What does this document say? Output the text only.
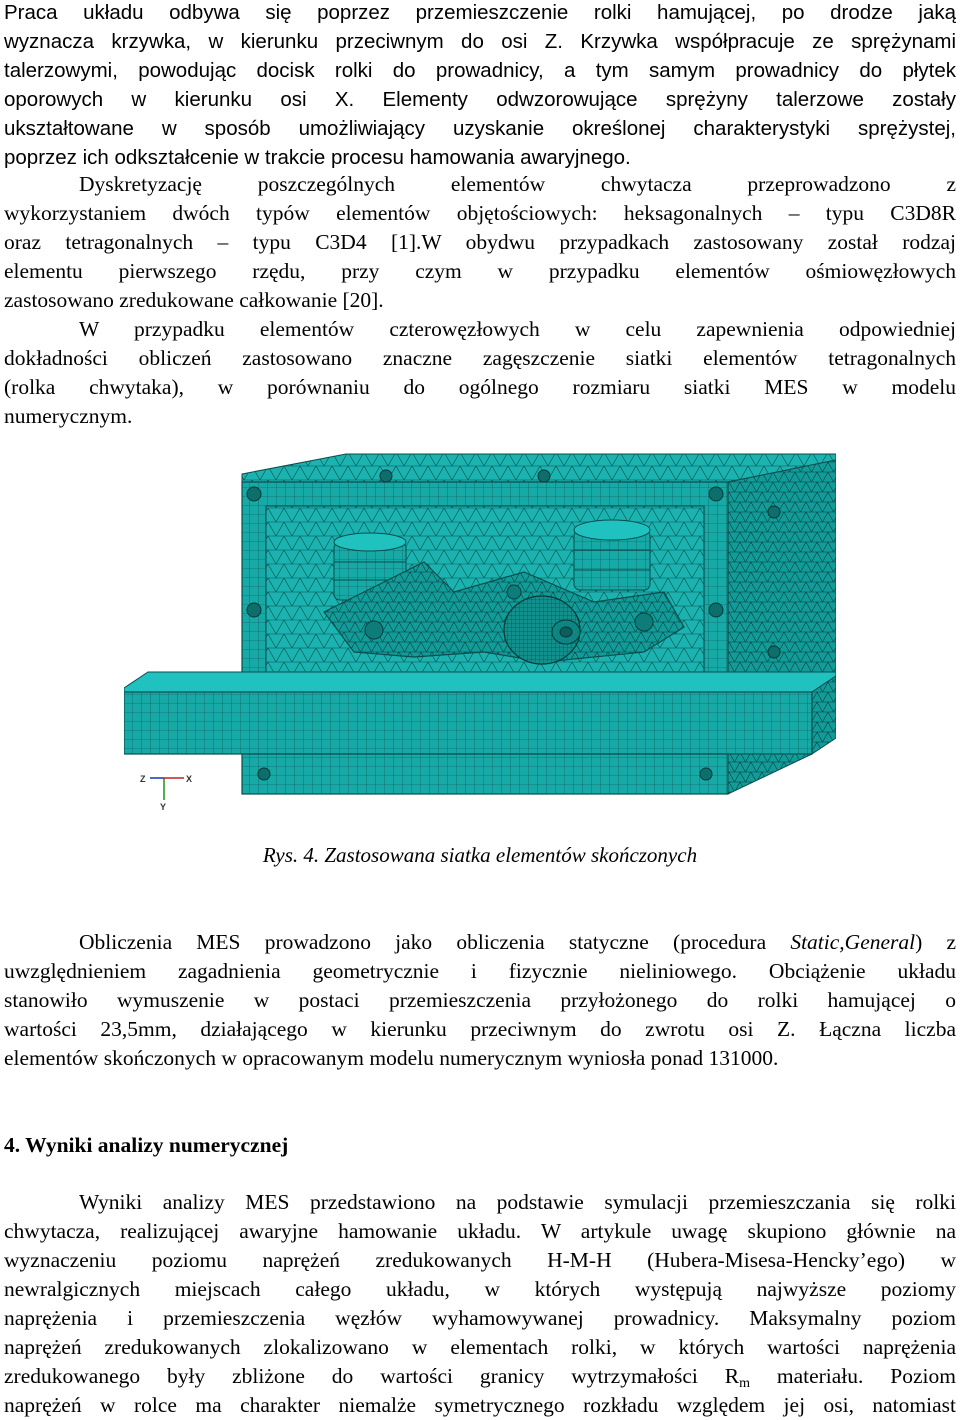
Praca układu odbywa się poprzez przemieszczenie rolki hamującej, po drodze jaką
wyznacza krzywka, w kierunku przeciwnym do osi Z. Krzywka współpracuje ze sprężynami
talerzowymi, powodując docisk rolki do prowadnicy, a tym samym prowadnicy do płytek
oporowych w kierunku osi X. Elementy odwzorowujące sprężyny talerzowe zostały
ukształtowane w sposób umożliwiający uzyskanie określonej charakterystyki sprężystej,
poprzez ich odkształcenie w trakcie procesu hamowania awaryjnego.
Dyskretyzację poszczególnych elementów chwytacza przeprowadzono z
wykorzystaniem dwóch typów elementów objętościowych: heksagonalnych – typu C3D8R
oraz tetragonalnych – typu C3D4 [1].W obydwu przypadkach zastosowany został rodzaj
elementu pierwszego rzędu, przy czym w przypadku elementów ośmiowęzłowych
zastosowano zredukowane całkowanie [20].
W przypadku elementów czterowęzłowych w celu zapewnienia odpowiedniej
dokładności obliczeń zastosowano znaczne zagęszczenie siatki elementów tetragonalnych
(rolka chwytaka), w porównaniu do ogólnego rozmiaru siatki MES w modelu
numerycznym.
Z	X
Y
Rys. 4. Zastosowana siatka elementów skończonych
Obliczenia MES prowadzono jako obliczenia statyczne (procedura Static,General) z
uwzględnieniem zagadnienia geometrycznie i fizycznie nieliniowego. Obciążenie układu
stanowiło wymuszenie w postaci przemieszczenia przyłożonego do rolki hamującej o
wartości 23,5mm, działającego w kierunku przeciwnym do zwrotu osi Z. Łączna liczba
elementów skończonych w opracowanym modelu numerycznym wyniosła ponad 131000.
4. Wyniki analizy numerycznej
Wyniki analizy MES przedstawiono na podstawie symulacji przemieszczania się rolki
chwytacza, realizującej awaryjne hamowanie układu. W artykule uwagę skupiono głównie na
wyznaczeniu poziomu naprężeń zredukowanych H-M-H (Hubera-Misesa-Hencky’ego) w
newralgicznych miejscach całego układu, w których występują najwyższe poziomy
naprężenia i przemieszczenia węzłów wyhamowywanej prowadnicy. Maksymalny poziom
naprężeń zredukowanych zlokalizowano w elementach rolki, w których wartości naprężenia
zredukowanego były zbliżone do wartości granicy wytrzymałości $R_m$ materiału. Poziom
naprężeń w rolce ma charakter niemalże symetrycznego rozkładu względem jej osi, natomiast
